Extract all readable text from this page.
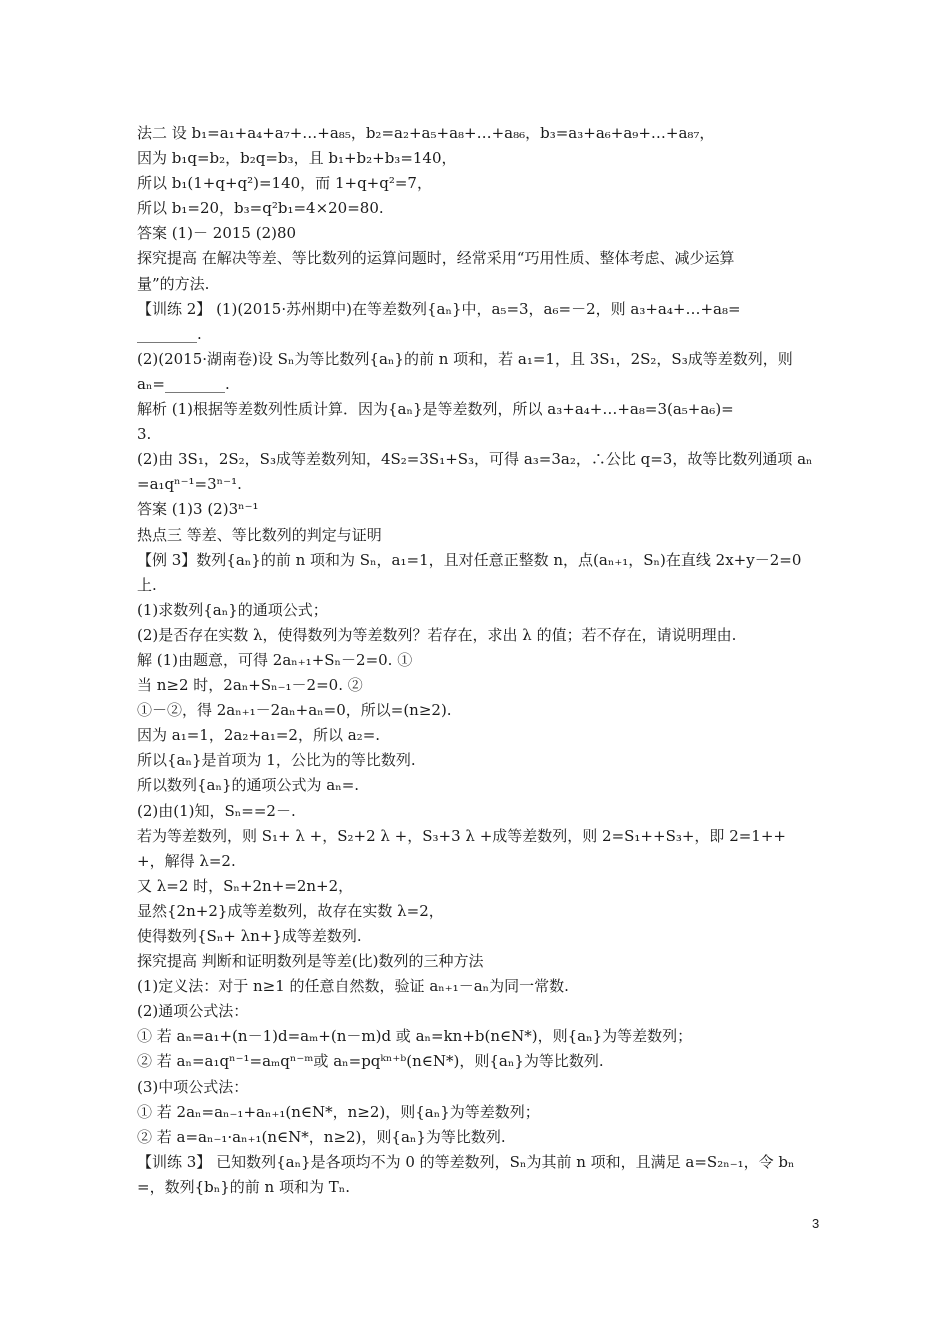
法二 设 b₁=a₁+a₄+a₇+…+a₈₅，b₂=a₂+a₅+a₈+…+a₈₆，b₃=a₃+a₆+a₉+…+a₈₇，
因为 b₁q=b₂，b₂q=b₃，且 b₁+b₂+b₃=140，
所以 b₁(1+q+q²)=140，而 1+q+q²=7，
所以 b₁=20，b₃=q²b₁=4×20=80.
答案 (1)－ 2015 (2)80
探究提高 在解决等差、等比数列的运算问题时，经常采用“巧用性质、整体考虑、减少运算
量”的方法.
【训练 2】 (1)(2015·苏州期中)在等差数列{aₙ}中，a₅=3，a₆=－2，则 a₃+a₄+…+a₈=
________.
(2)(2015·湖南卷)设 Sₙ为等比数列{aₙ}的前 n 项和，若 a₁=1，且 3S₁，2S₂，S₃成等差数列，则
aₙ=________.
解析 (1)根据等差数列性质计算．因为{aₙ}是等差数列，所以 a₃+a₄+…+a₈=3(a₅+a₆)=
3.
(2)由 3S₁，2S₂，S₃成等差数列知，4S₂=3S₁+S₃，可得 a₃=3a₂，∴公比 q=3，故等比数列通项 aₙ
=a₁qⁿ⁻¹=3ⁿ⁻¹.
答案 (1)3 (2)3ⁿ⁻¹
热点三 等差、等比数列的判定与证明
【例 3】数列{aₙ}的前 n 项和为 Sₙ，a₁=1，且对任意正整数 n，点(aₙ₊₁，Sₙ)在直线 2x+y－2=0
上.
(1)求数列{aₙ}的通项公式；
(2)是否存在实数 λ，使得数列为等差数列？若存在，求出 λ 的值；若不存在，请说明理由.
解 (1)由题意，可得 2aₙ₊₁+Sₙ－2=0. ①
当 n≥2 时，2aₙ+Sₙ₋₁－2=0. ②
①－②，得 2aₙ₊₁－2aₙ+aₙ=0，所以=(n≥2).
因为 a₁=1，2a₂+a₁=2，所以 a₂=.
所以{aₙ}是首项为 1，公比为的等比数列.
所以数列{aₙ}的通项公式为 aₙ=.
(2)由(1)知，Sₙ==2－.
若为等差数列，则 S₁+ λ +，S₂+2 λ +，S₃+3 λ +成等差数列，则 2=S₁++S₃+，即 2=1++
+，解得 λ=2.
又 λ=2 时，Sₙ+2n+=2n+2，
显然{2n+2}成等差数列，故存在实数 λ=2，
使得数列{Sₙ+ λn+}成等差数列.
探究提高 判断和证明数列是等差(比)数列的三种方法
(1)定义法：对于 n≥1 的任意自然数，验证 aₙ₊₁－aₙ为同一常数.
(2)通项公式法：
① 若 aₙ=a₁+(n－1)d=aₘ+(n－m)d 或 aₙ=kn+b(n∈N*)，则{aₙ}为等差数列；
② 若 aₙ=a₁qⁿ⁻¹=aₘqⁿ⁻ᵐ或 aₙ=pqᵏⁿ⁺ᵇ(n∈N*)，则{aₙ}为等比数列.
(3)中项公式法：
① 若 2aₙ=aₙ₋₁+aₙ₊₁(n∈N*，n≥2)，则{aₙ}为等差数列；
② 若 a=aₙ₋₁·aₙ₊₁(n∈N*，n≥2)，则{aₙ}为等比数列.
【训练 3】 已知数列{aₙ}是各项均不为 0 的等差数列，Sₙ为其前 n 项和，且满足 a=S₂ₙ₋₁，令 bₙ
=，数列{bₙ}的前 n 项和为 Tₙ.
3
